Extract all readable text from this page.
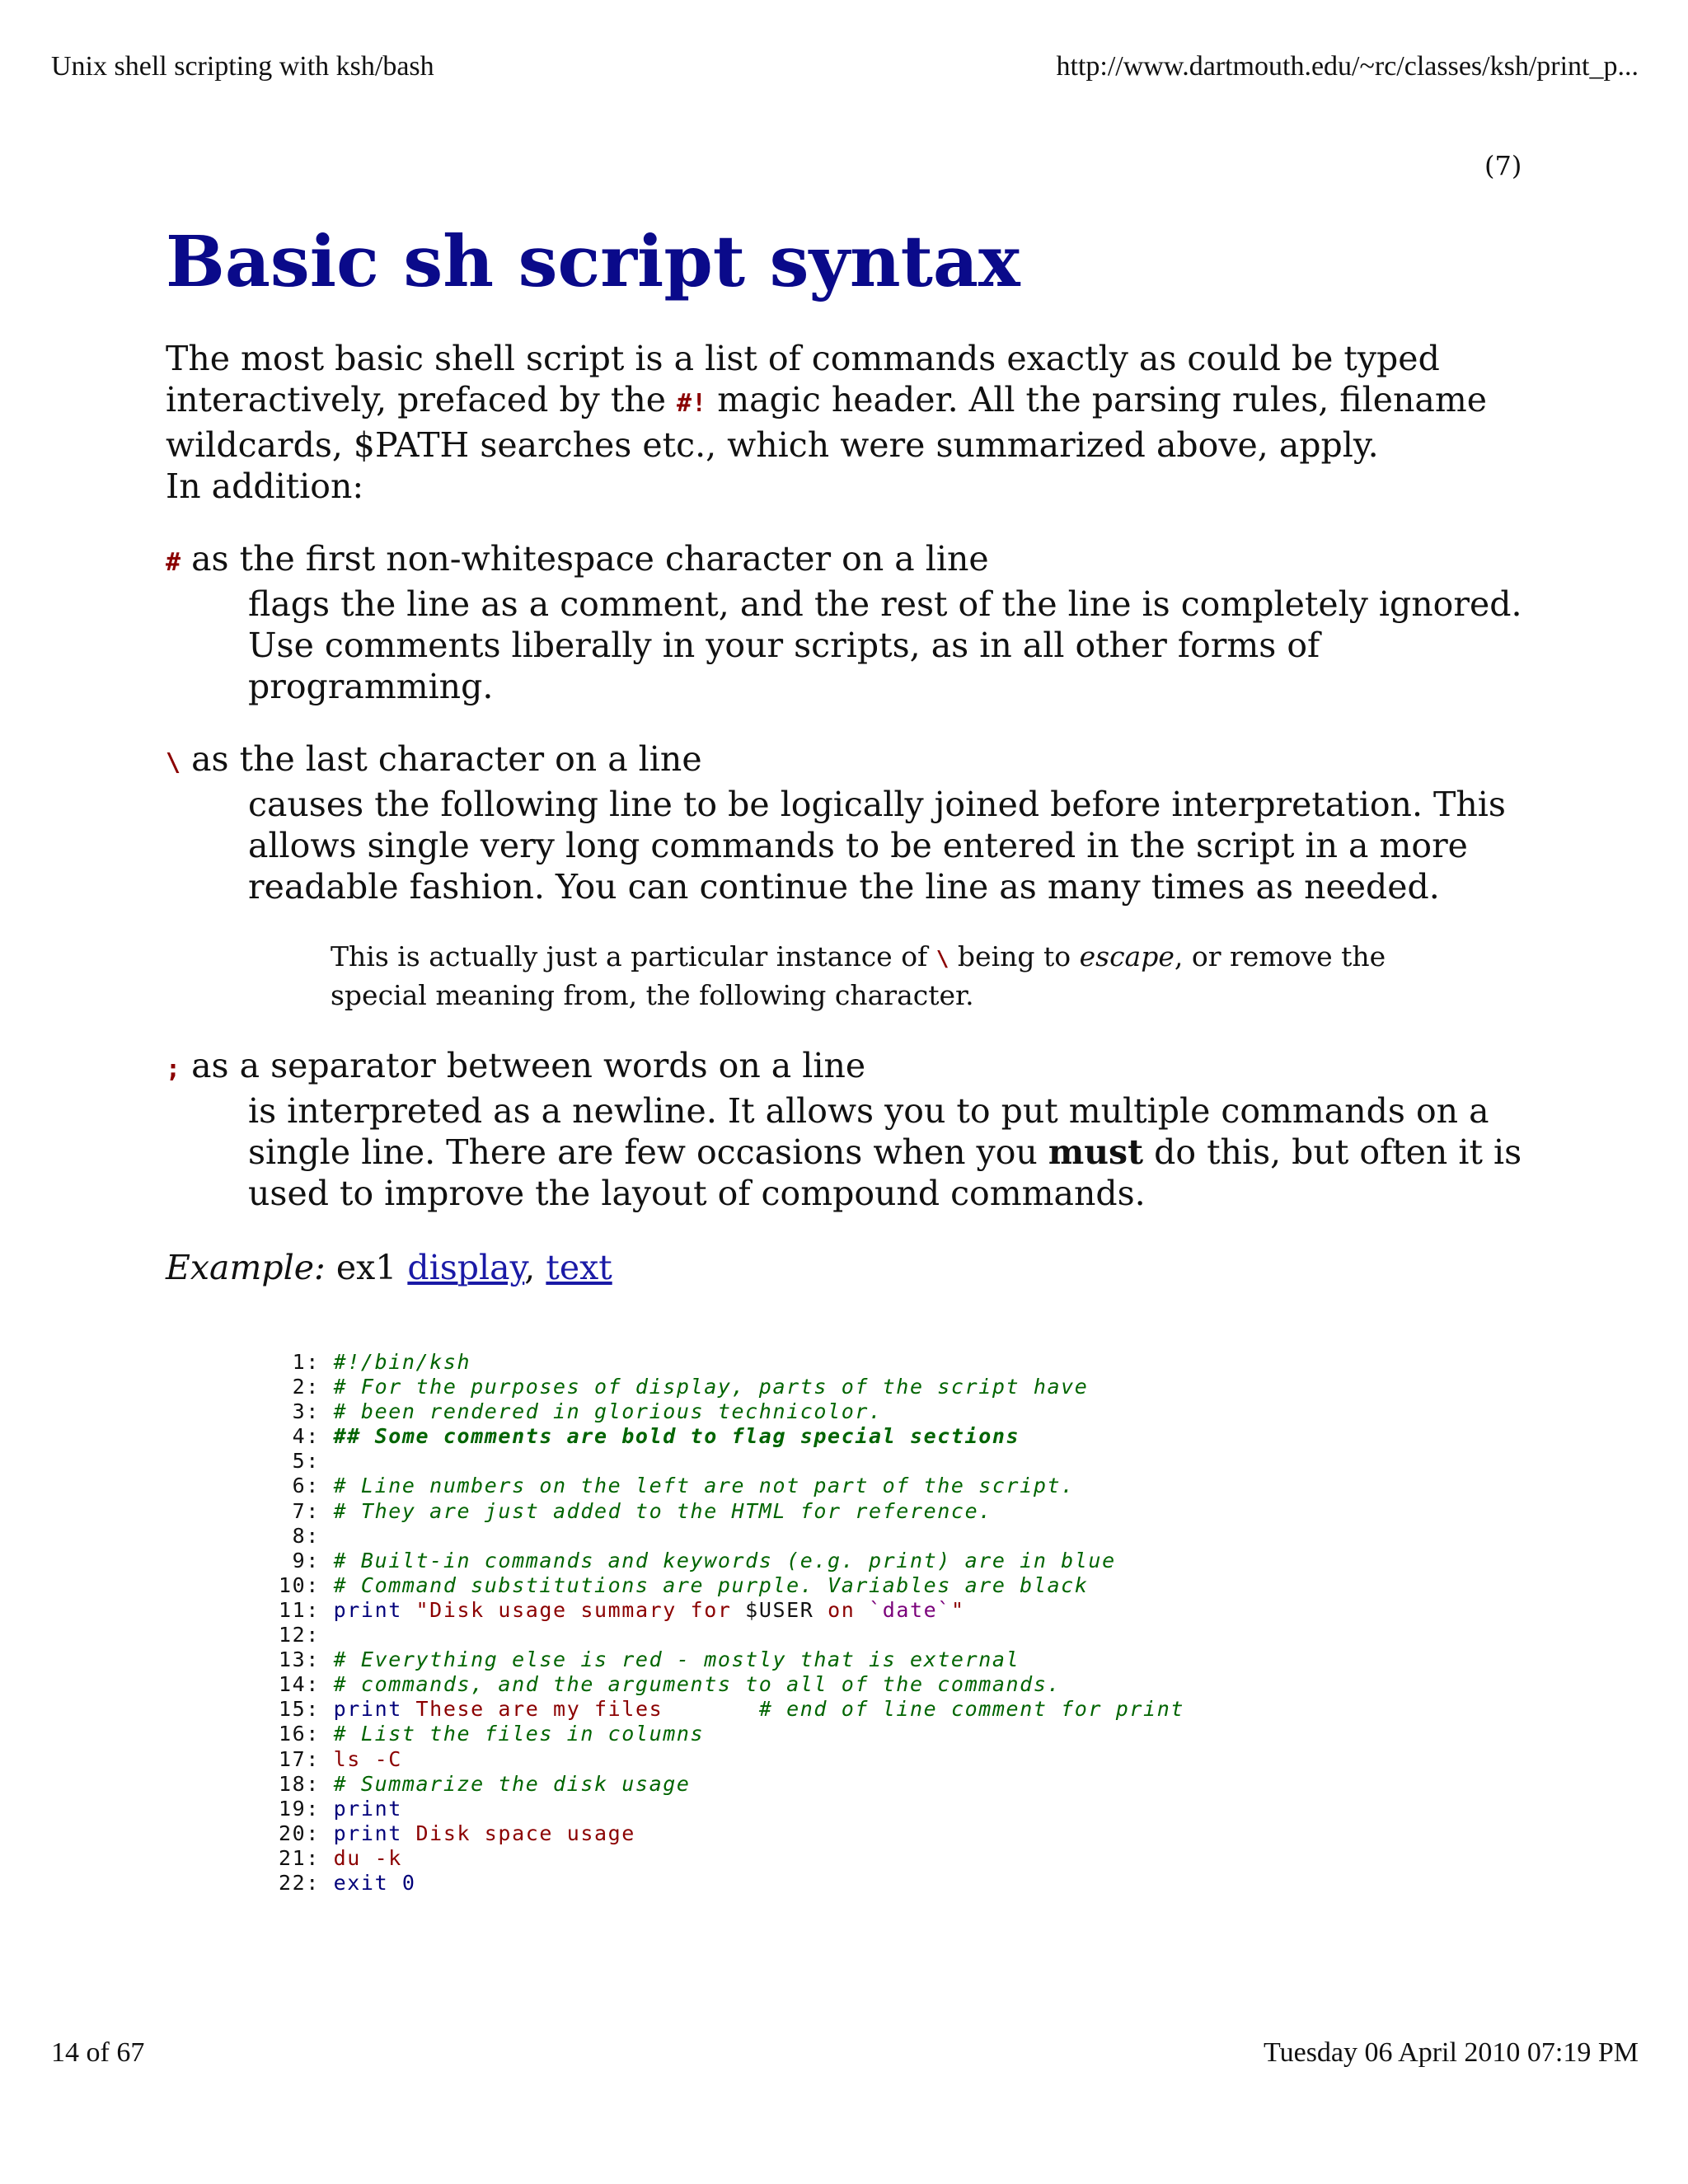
Unix shell scripting with ksh/bash	http://www.dartmouth.edu/~rc/classes/ksh/print_p...
(7)
Basic sh script syntax

The most basic shell script is a list of commands exactly as could be typed interactively, prefaced by the #! magic header. All the parsing rules, filename wildcards, $PATH searches etc., which were summarized above, apply.
In addition:

# as the first non-whitespace character on a line
flags the line as a comment, and the rest of the line is completely ignored. Use comments liberally in your scripts, as in all other forms of programming.
\ as the last character on a line
causes the following line to be logically joined before interpretation. This allows single very long commands to be entered in the script in a more readable fashion. You can continue the line as many times as needed.
This is actually just a particular instance of \ being to escape, or remove the special meaning from, the following character.
; as a separator between words on a line
is interpreted as a newline. It allows you to put multiple commands on a single line. There are few occasions when you must do this, but often it is used to improve the layout of compound commands.
Example: ex1 display, text
1: #!/bin/ksh
2: # For the purposes of display, parts of the script have
3: # been rendered in glorious technicolor.
4: ## Some comments are bold to flag special sections
5:
6: # Line numbers on the left are not part of the script.
7: # They are just added to the HTML for reference.
8:
9: # Built-in commands and keywords (e.g. print) are in blue
10: # Command substitutions are purple. Variables are black
11: print "Disk usage summary for $USER on `date`"
12:
13: # Everything else is red - mostly that is external
14: # commands, and the arguments to all of the commands.
15: print These are my files       # end of line comment for print
16: # List the files in columns
17: ls -C
18: # Summarize the disk usage
19: print
20: print Disk space usage
21: du -k
22: exit 0
14 of 67	Tuesday 06 April 2010 07:19 PM
